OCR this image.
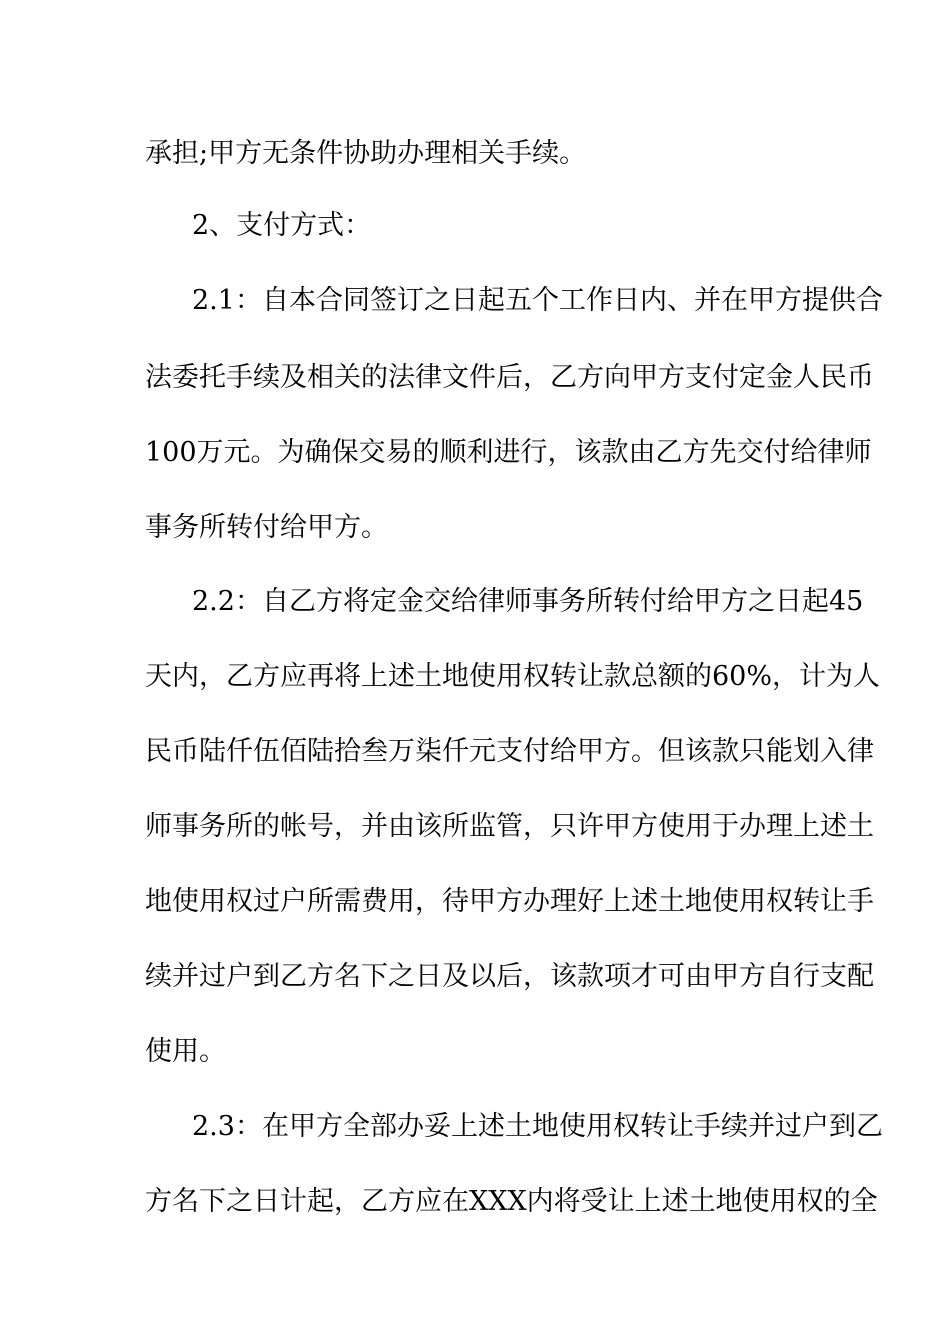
承担;甲方无条件协助办理相关手续。
2、支付方式：
2.1：自本合同签订之日起五个工作日内、并在甲方提供合
法委托手续及相关的法律文件后，乙方向甲方支付定金人民币
100万元。为确保交易的顺利进行，该款由乙方先交付给律师
事务所转付给甲方。
2.2：自乙方将定金交给律师事务所转付给甲方之日起45
天内，乙方应再将上述土地使用权转让款总额的60%，计为人
民币陆仟伍佰陆拾叁万柒仟元支付给甲方。但该款只能划入律
师事务所的帐号，并由该所监管，只许甲方使用于办理上述土
地使用权过户所需费用，待甲方办理好上述土地使用权转让手
续并过户到乙方名下之日及以后，该款项才可由甲方自行支配
使用。
2.3：在甲方全部办妥上述土地使用权转让手续并过户到乙
方名下之日计起，乙方应在XXX内将受让上述土地使用权的全
